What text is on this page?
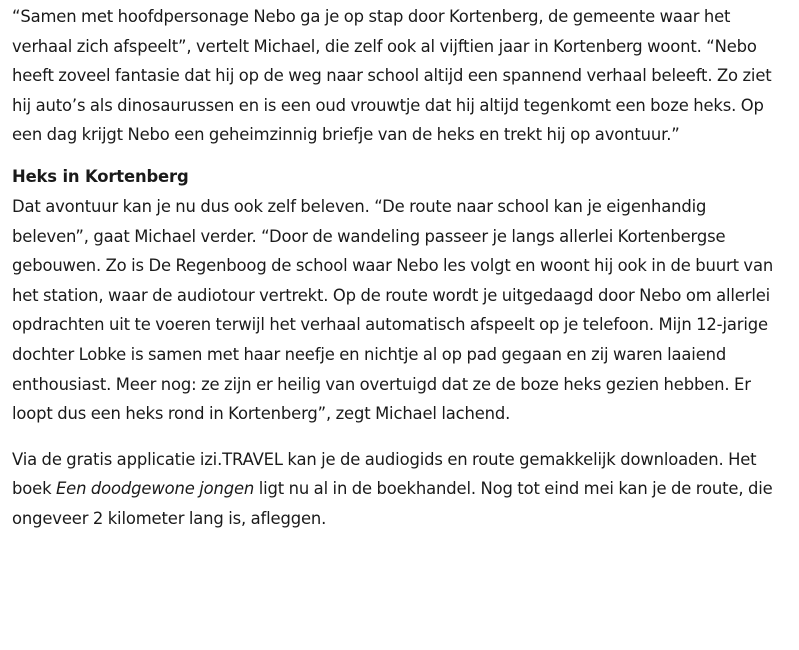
“Samen met hoofdpersonage Nebo ga je op stap door Kortenberg, de gemeente waar het verhaal zich afspeelt”, vertelt Michael, die zelf ook al vijftien jaar in Kortenberg woont. “Nebo heeft zoveel fantasie dat hij op de weg naar school altijd een spannend verhaal beleeft. Zo ziet hij auto’s als dinosaurussen en is een oud vrouwtje dat hij altijd tegenkomt een boze heks. Op een dag krijgt Nebo een geheimzinnig briefje van de heks en trekt hij op avontuur.”

Heks in Kortenberg

Dat avontuur kan je nu dus ook zelf beleven. “De route naar school kan je eigenhandig beleven”, gaat Michael verder. “Door de wandeling passeer je langs allerlei Kortenbergse gebouwen. Zo is De Regenboog de school waar Nebo les volgt en woont hij ook in de buurt van het station, waar de audiotour vertrekt. Op de route wordt je uitgedaagd door Nebo om allerlei opdrachten uit te voeren terwijl het verhaal automatisch afspeelt op je telefoon. Mijn 12-jarige dochter Lobke is samen met haar neefje en nichtje al op pad gegaan en zij waren laaiend enthousiast. Meer nog: ze zijn er heilig van overtuigd dat ze de boze heks gezien hebben. Er loopt dus een heks rond in Kortenberg”, zegt Michael lachend.

Via de gratis applicatie izi.TRAVEL kan je de audiogids en route gemakkelijk downloaden. Het boek Een doodgewone jongen ligt nu al in de boekhandel. Nog tot eind mei kan je de route, die ongeveer 2 kilometer lang is, afleggen.
